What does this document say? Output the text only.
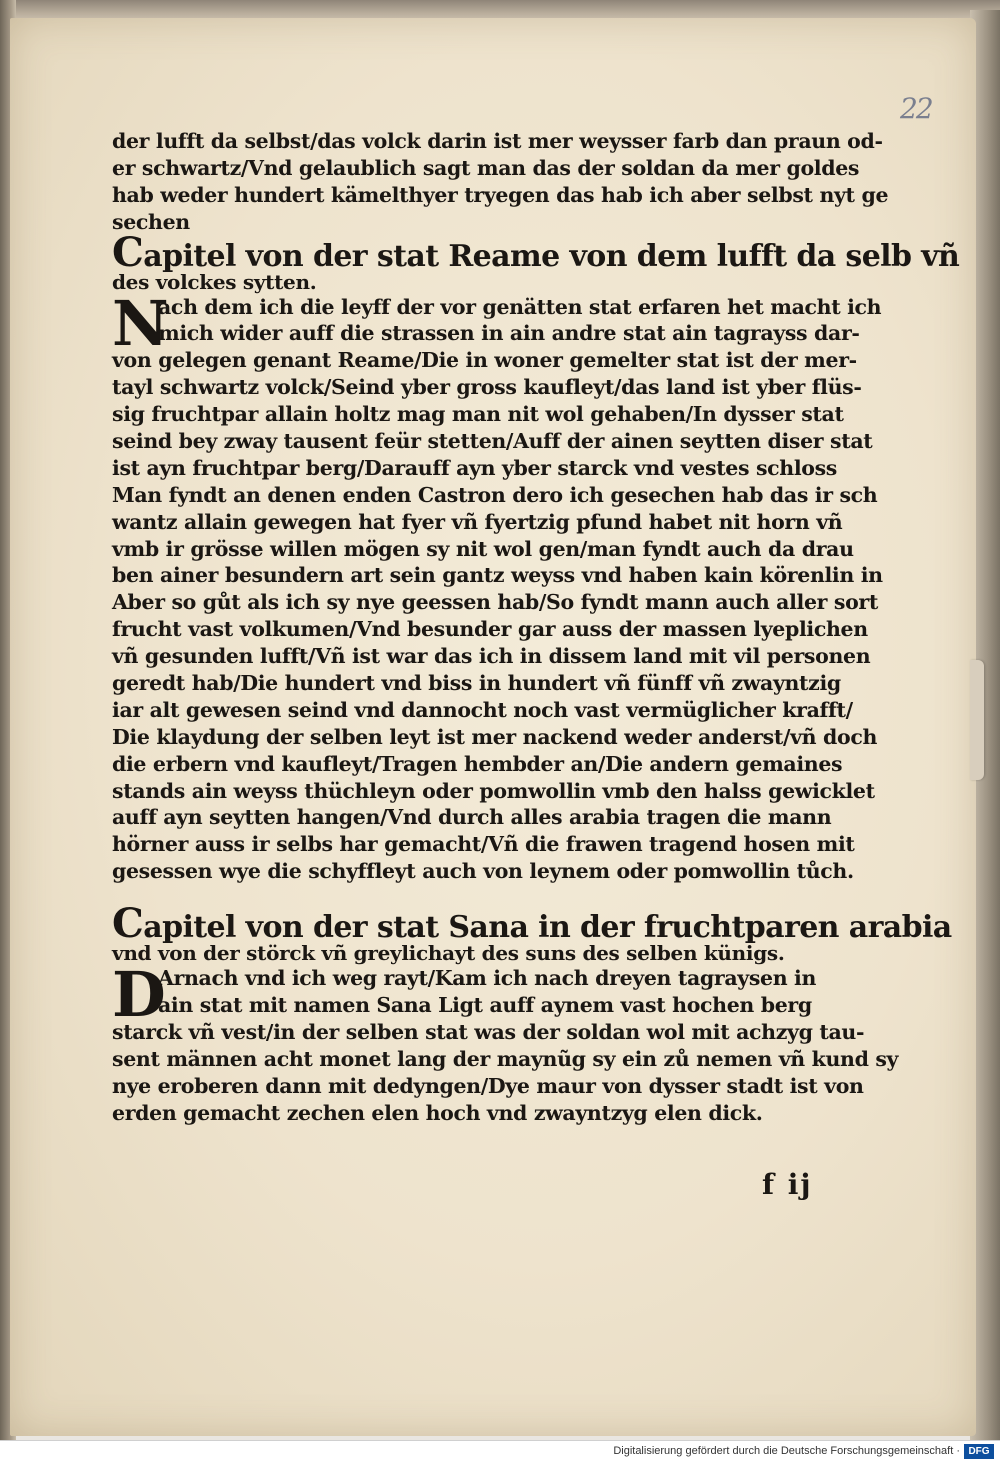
22
der lufft da selbst/das volck darin ist mer weysser farb dan praun od-
er schwartz/Vnd gelaublich sagt man das der soldan da mer goldes
hab weder hundert kämelthyer tryegen das hab ich aber selbst nyt ge
sechen
Capitel von der stat Reame von dem lufft da selb vñ
des volckes sytten.
N
ach dem ich die leyff der vor genätten stat erfaren het macht ich
mich wider auff die strassen in ain andre stat ain tagrayss dar-
von gelegen genant Reame/Die in woner gemelter stat ist der mer-
tayl schwartz volck/Seind yber gross kaufleyt/das land ist yber flüs-
sig fruchtpar allain holtz mag man nit wol gehaben/In dysser stat
seind bey zway tausent feür stetten/Auff der ainen seytten diser stat
ist ayn fruchtpar berg/Darauff ayn yber starck vnd vestes schloss
Man fyndt an denen enden Castron dero ich gesechen hab das ir sch
wantz allain gewegen hat fyer vñ fyertzig pfund habet nit horn vñ
vmb ir grösse willen mögen sy nit wol gen/man fyndt auch da drau
ben ainer besundern art sein gantz weyss vnd haben kain körenlin in
Aber so gůt als ich sy nye geessen hab/So fyndt mann auch aller sort
frucht vast volkumen/Vnd besunder gar auss der massen lyeplichen
vñ gesunden lufft/Vñ ist war das ich in dissem land mit vil personen
geredt hab/Die hundert vnd biss in hundert vñ fünff vñ zwayntzig
iar alt gewesen seind vnd dannocht noch vast vermüglicher krafft/
Die klaydung der selben leyt ist mer nackend weder anderst/vñ doch
die erbern vnd kaufleyt/Tragen hembder an/Die andern gemaines
stands ain weyss thüchleyn oder pomwollin vmb den halss gewicklet
auff ayn seytten hangen/Vnd durch alles arabia tragen die mann
hörner auss ir selbs har gemacht/Vñ die frawen tragend hosen mit
gesessen wye die schyffleyt auch von leynem oder pomwollin tůch.
Capitel von der stat Sana in der fruchtparen arabia
vnd von der störck vñ greylichayt des suns des selben künigs.
D
Arnach vnd ich weg rayt/Kam ich nach dreyen tagraysen in
ain stat mit namen Sana Ligt auff aynem vast hochen berg
starck vñ vest/in der selben stat was der soldan wol mit achzyg tau-
sent männen acht monet lang der maynũg sy ein zů nemen vñ kund sy
nye eroberen dann mit dedyngen/Dye maur von dysser stadt ist von
erden gemacht zechen elen hoch vnd zwayntzyg elen dick.
f ij
Digitalisierung gefördert durch die Deutsche Forschungsgemeinschaft · DFG
